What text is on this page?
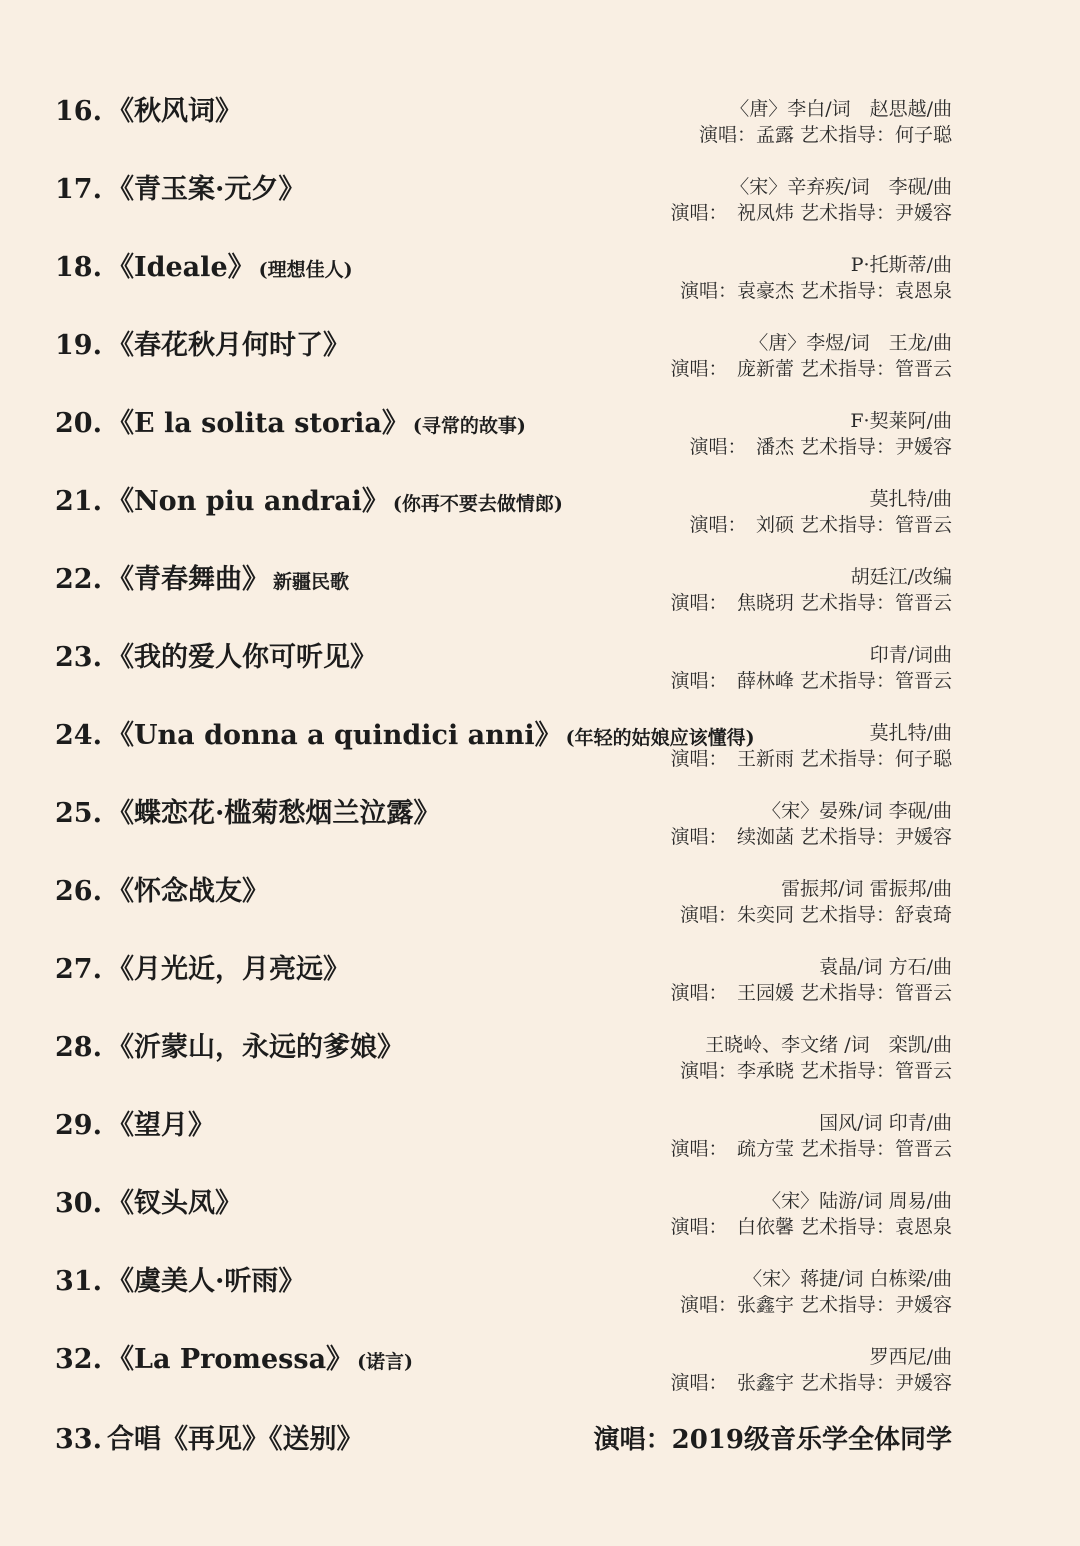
16. 《秋风词》	〈唐〉李白/词　赵思越/曲
演唱：孟露 艺术指导：何子聪
17. 《青玉案·元夕》	〈宋〉辛弃疾/词　李砚/曲
演唱：　祝凤炜 艺术指导：尹媛容
18. 《Ideale》 (理想佳人)	P·托斯蒂/曲
演唱：袁豪杰 艺术指导：袁恩泉
19. 《春花秋月何时了》	〈唐〉李煜/词　王龙/曲
演唱：　庞新蕾 艺术指导：管晋云
20. 《E la solita storia》 (寻常的故事)	F·契莱阿/曲
演唱：　潘杰 艺术指导：尹媛容
21. 《Non piu andrai》 (你再不要去做情郎)	莫扎特/曲
演唱：　刘硕 艺术指导：管晋云
22. 《青春舞曲》 新疆民歌	胡廷江/改编
演唱：　焦晓玥 艺术指导：管晋云
23. 《我的爱人你可听见》	印青/词曲
演唱：　薛林峰 艺术指导：管晋云
24. 《Una donna a quindici anni》 (年轻的姑娘应该懂得)	莫扎特/曲
演唱：　王新雨 艺术指导：何子聪
25. 《蝶恋花·槛菊愁烟兰泣露》	〈宋〉晏殊/词 李砚/曲
演唱：　续洳菡 艺术指导：尹媛容
26. 《怀念战友》	雷振邦/词 雷振邦/曲
演唱：朱奕同 艺术指导：舒袁琦
27. 《月光近，月亮远》	袁晶/词 方石/曲
演唱：　王园媛 艺术指导：管晋云
28. 《沂蒙山，永远的爹娘》	王晓岭、李文绪 /词　栾凯/曲
演唱：李承晓 艺术指导：管晋云
29. 《望月》	国风/词 印青/曲
演唱：　疏方莹 艺术指导：管晋云
30. 《钗头凤》	〈宋〉陆游/词 周易/曲
演唱：　白依馨 艺术指导：袁恩泉
31. 《虞美人·听雨》	〈宋〉蒋捷/词 白栋梁/曲
演唱：张鑫宇 艺术指导：尹媛容
32. 《La Promessa》 (诺言)	罗西尼/曲
演唱：　张鑫宇 艺术指导：尹媛容
33. 合唱《再见》《送别》	演唱：2019级音乐学全体同学
